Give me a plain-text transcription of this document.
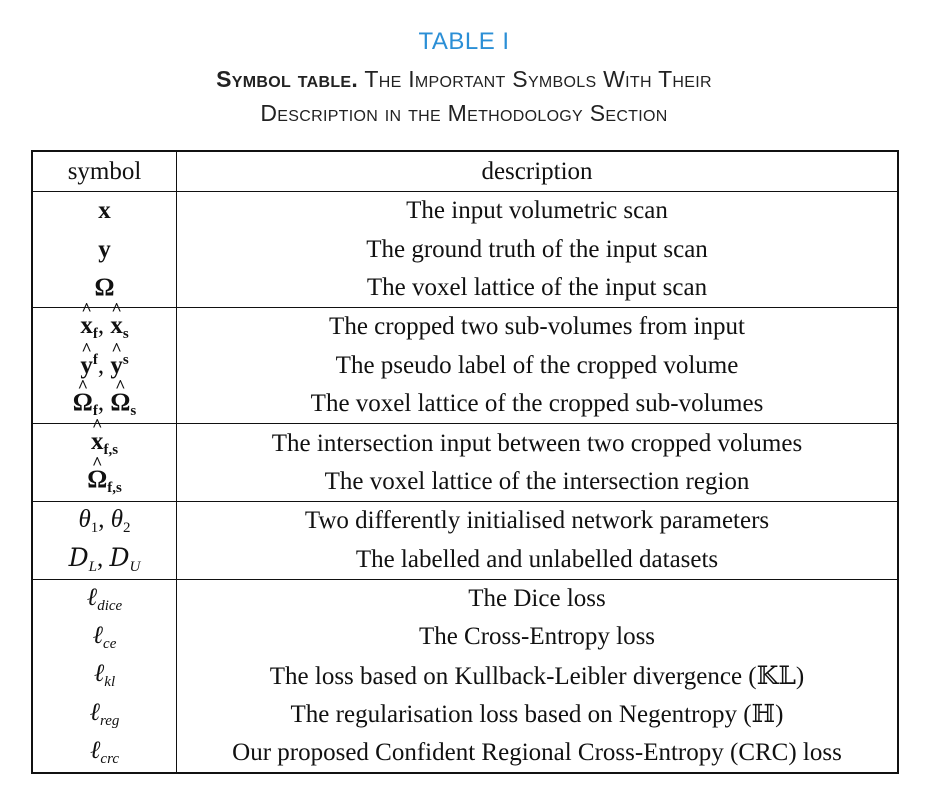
TABLE I
Symbol table. The Important Symbols With Their
Description in the Methodology Section
symbol	description
x	The input volumetric scan
y	The ground truth of the input scan
Ω	The voxel lattice of the input scan
^ $x_f$, ^ $x_s$	The cropped two sub-volumes from input
^ $y^f$, ^ $y^s$	The pseudo label of the cropped volume
^ $\Omega_f$, ^ $\Omega_s$	The voxel lattice of the cropped sub-volumes
^ $x_{f,s}$	The intersection input between two cropped volumes
^ $\Omega_{f,s}$	The voxel lattice of the intersection region
$\theta_1$, $\theta_2$	Two differently initialised network parameters
$D_L$, $D_U$	The labelled and unlabelled datasets
ℓ$_{dice}$	The Dice loss
ℓ$_{ce}$	The Cross-Entropy loss
ℓ$_{kl}$	The loss based on Kullback-Leibler divergence (𝕂𝕃)
ℓ$_{reg}$	The regularisation loss based on Negentropy (ℍ)
ℓ$_{crc}$	Our proposed Confident Regional Cross-Entropy (CRC) loss
